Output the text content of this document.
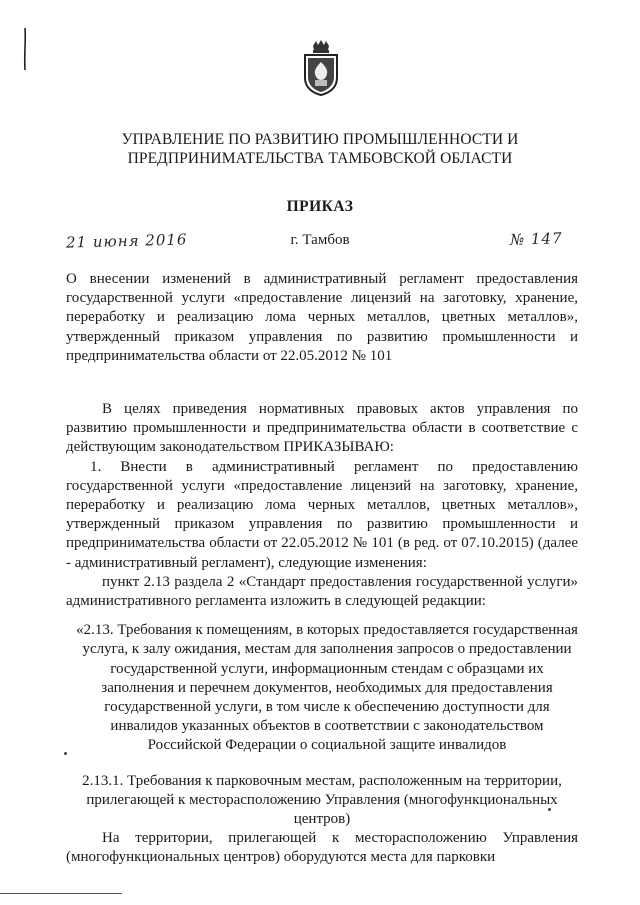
УПРАВЛЕНИЕ ПО РАЗВИТИЮ ПРОМЫШЛЕННОСТИ И
ПРЕДПРИНИМАТЕЛЬСТВА ТАМБОВСКОЙ ОБЛАСТИ
ПРИКАЗ
21 июня 2016	г. Тамбов	№ 147
О внесении изменений в административный регламент предоставления государственной услуги «предоставление лицензий на заготовку, хранение, переработку и реализацию лома черных металлов, цветных металлов», утвержденный приказом управления по развитию промышленности и предпринимательства области от 22.05.2012 № 101

В целях приведения нормативных правовых актов управления по развитию промышленности и предпринимательства области в соответствие с действующим законодательством ПРИКАЗЫВАЮ:

1. Внести в административный регламент по предоставлению государственной услуги «предоставление лицензий на заготовку, хранение, переработку и реализацию лома черных металлов, цветных металлов», утвержденный приказом управления по развитию промышленности и предпринимательства области от 22.05.2012 № 101 (в ред. от 07.10.2015) (далее - административный регламент), следующие изменения:

пункт 2.13 раздела 2 «Стандарт предоставления государственной услуги» административного регламента изложить в следующей редакции:

«2.13. Требования к помещениям, в которых предоставляется государственная услуга, к залу ожидания, местам для заполнения запросов о предоставлении государственной услуги, информационным стендам с образцами их заполнения и перечнем документов, необходимых для предоставления государственной услуги, в том числе к обеспечению доступности для инвалидов указанных объектов в соответствии с законодательством Российской Федерации о социальной защите инвалидов
2.13.1. Требования к парковочным местам, расположенным на территории, прилегающей к месторасположению Управления (многофункциональных центров)

На территории, прилегающей к месторасположению Управления (многофункциональных центров) оборудуются места для парковки
